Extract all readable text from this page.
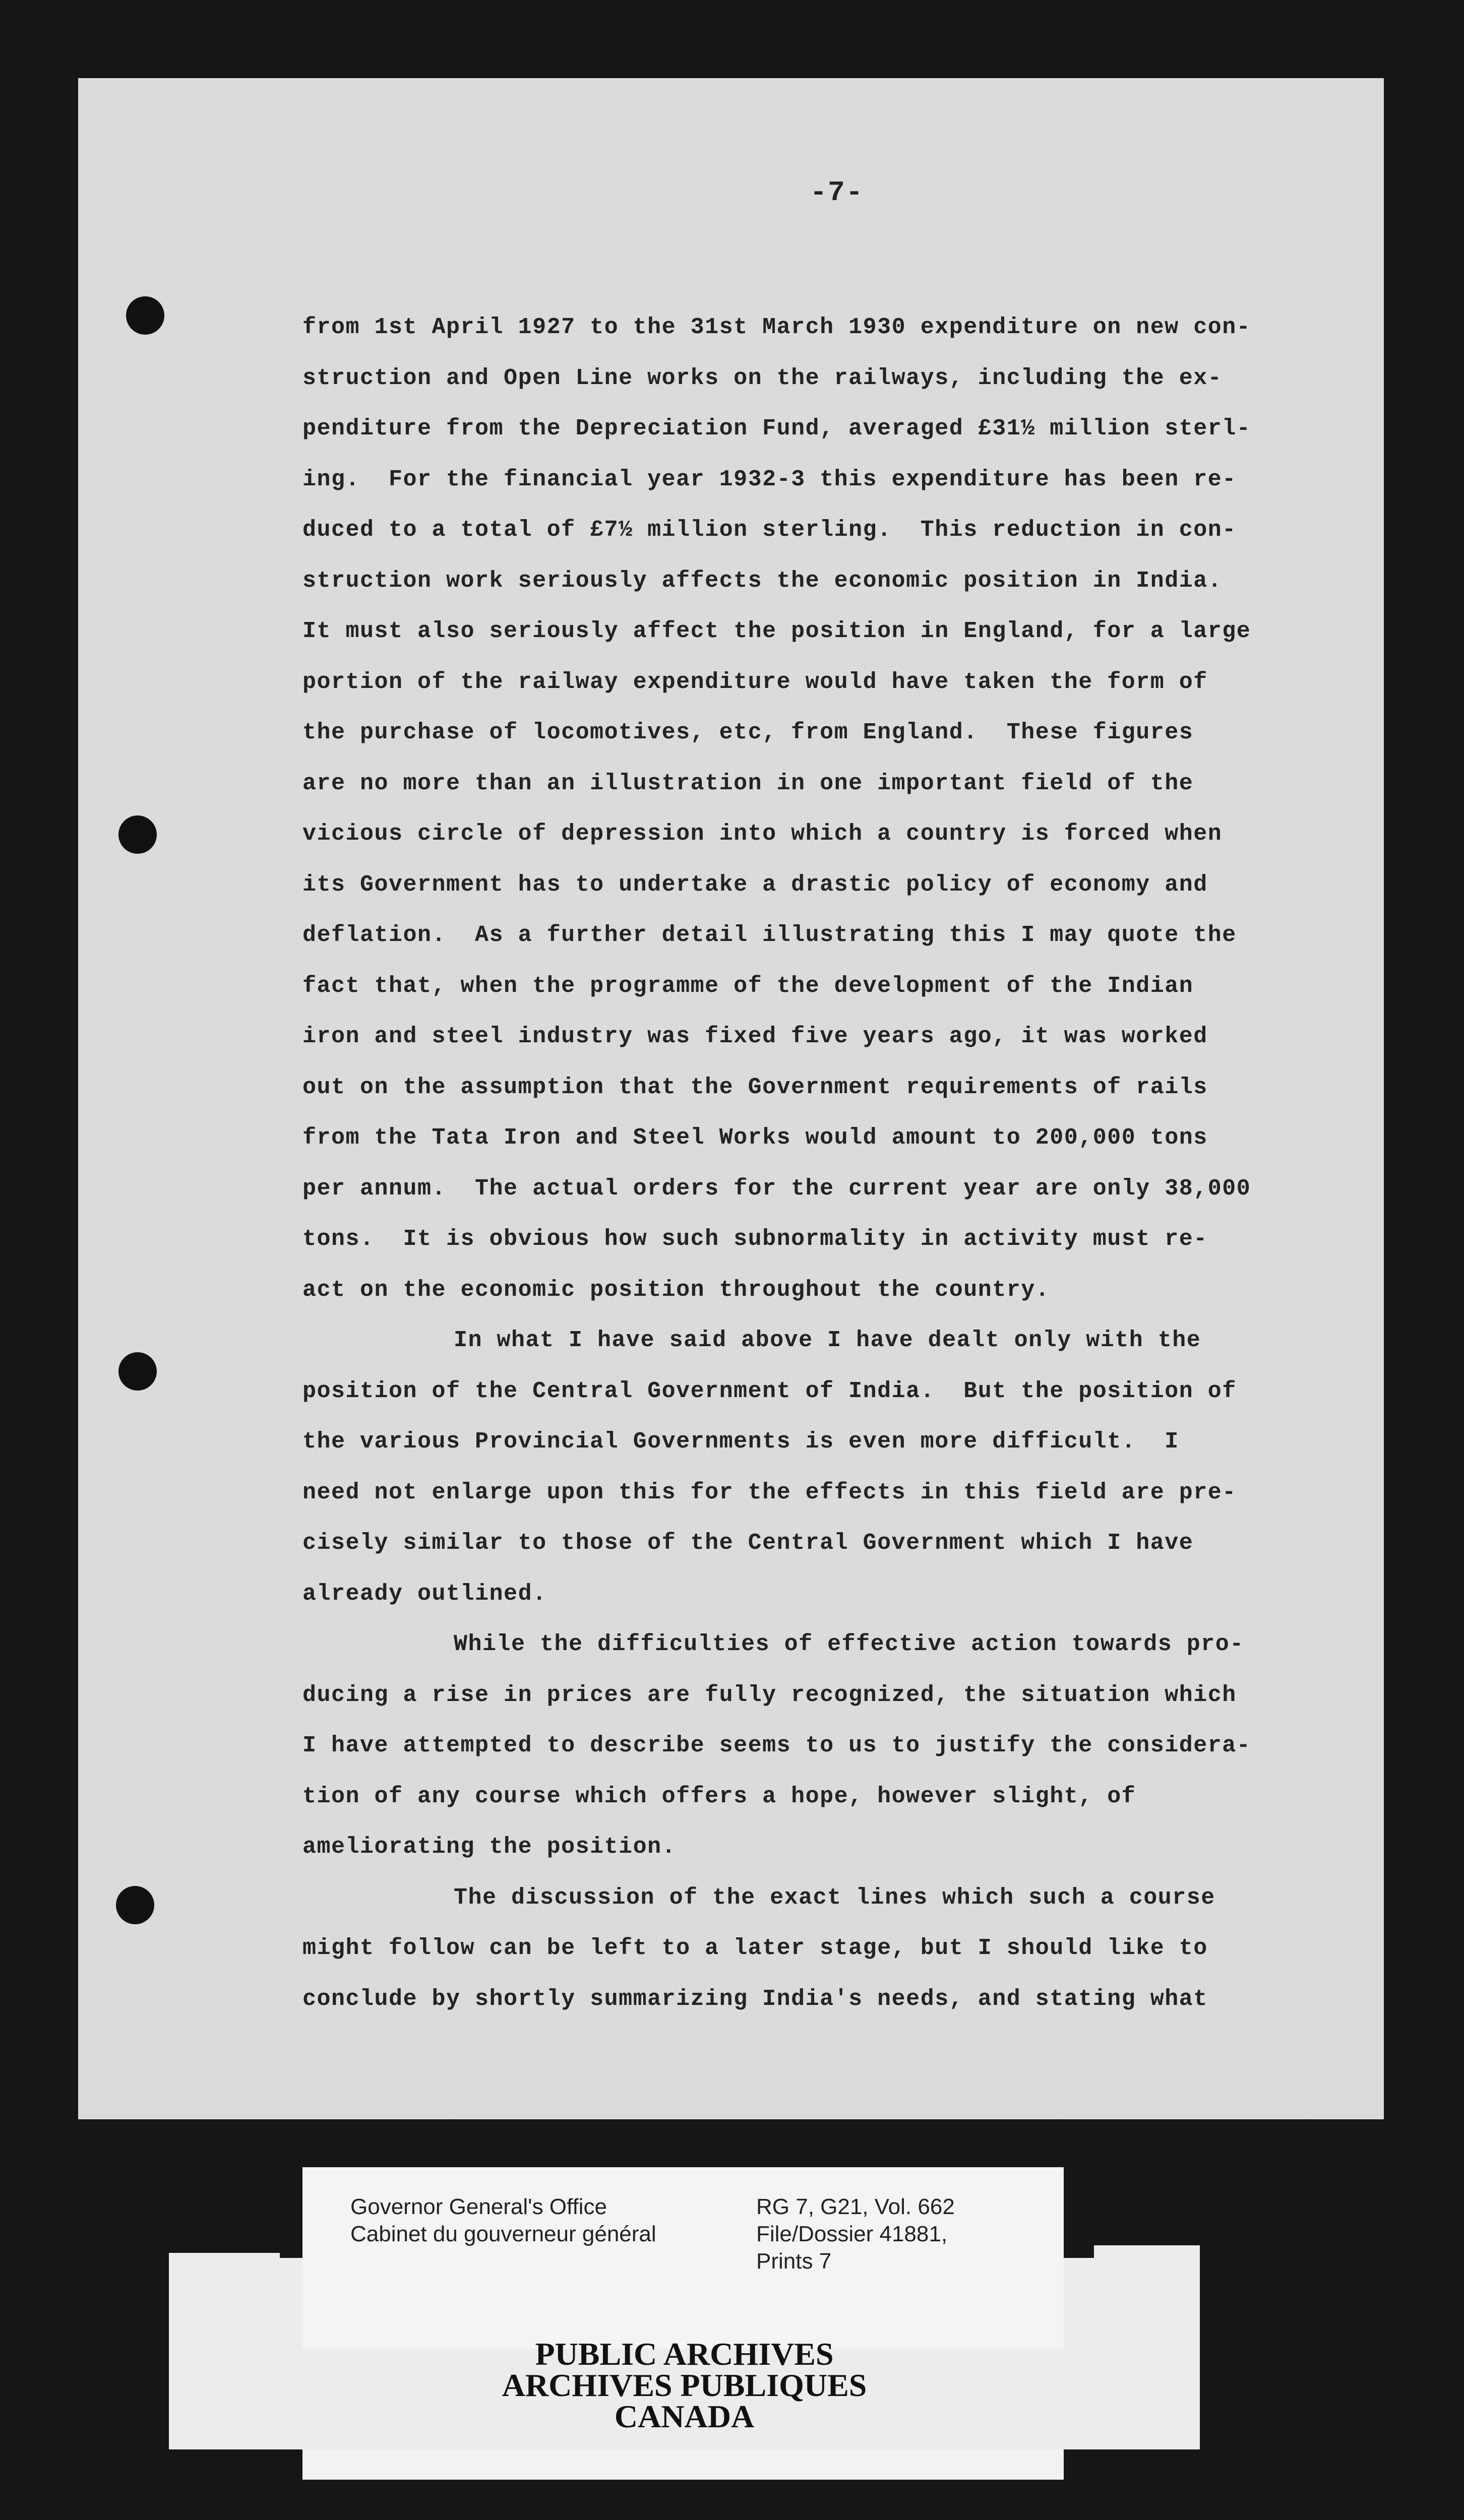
-7-
from 1st April 1927 to the 31st March 1930 expenditure on new con-
struction and Open Line works on the railways, including the ex-
penditure from the Depreciation Fund, averaged £31½ million sterl-
ing.  For the financial year 1932-3 this expenditure has been re-
duced to a total of £7½ million sterling.  This reduction in con-
struction work seriously affects the economic position in India.
It must also seriously affect the position in England, for a large
portion of the railway expenditure would have taken the form of
the purchase of locomotives, etc, from England.  These figures
are no more than an illustration in one important field of the
vicious circle of depression into which a country is forced when
its Government has to undertake a drastic policy of economy and
deflation.  As a further detail illustrating this I may quote the
fact that, when the programme of the development of the Indian
iron and steel industry was fixed five years ago, it was worked
out on the assumption that the Government requirements of rails
from the Tata Iron and Steel Works would amount to 200,000 tons
per annum.  The actual orders for the current year are only 38,000
tons.  It is obvious how such subnormality in activity must re-
act on the economic position throughout the country.
In what I have said above I have dealt only with the
position of the Central Government of India.  But the position of
the various Provincial Governments is even more difficult.  I
need not enlarge upon this for the effects in this field are pre-
cisely similar to those of the Central Government which I have
already outlined.
While the difficulties of effective action towards pro-
ducing a rise in prices are fully recognized, the situation which
I have attempted to describe seems to us to justify the considera-
tion of any course which offers a hope, however slight, of
ameliorating the position.
The discussion of the exact lines which such a course
might follow can be left to a later stage, but I should like to
conclude by shortly summarizing India's needs, and stating what
Governor General's Office
Cabinet du gouverneur général
RG 7, G21, Vol. 662
File/Dossier 41881,
Prints 7
PUBLIC ARCHIVES
ARCHIVES PUBLIQUES
CANADA
